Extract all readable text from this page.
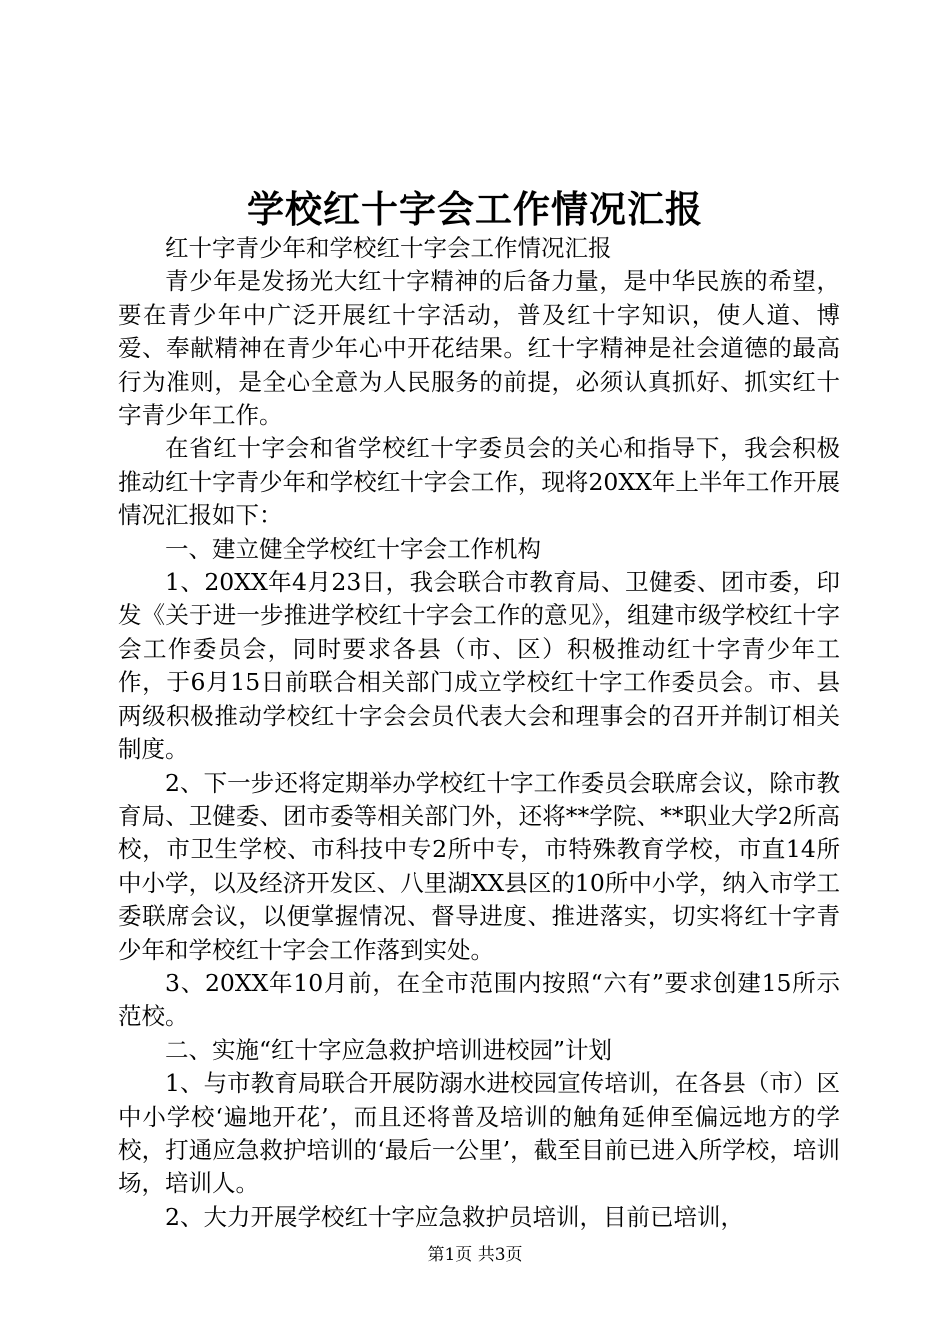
学校红十字会工作情况汇报

红十字青少年和学校红十字会工作情况汇报

青少年是发扬光大红十字精神的后备力量，是中华民族的希望，要在青少年中广泛开展红十字活动，普及红十字知识，使人道、博爱、奉献精神在青少年心中开花结果。红十字精神是社会道德的最高行为准则，是全心全意为人民服务的前提，必须认真抓好、抓实红十字青少年工作。

在省红十字会和省学校红十字委员会的关心和指导下，我会积极推动红十字青少年和学校红十字会工作，现将20XX年上半年工作开展情况汇报如下：

一、建立健全学校红十字会工作机构

1、20XX年4月23日，我会联合市教育局、卫健委、团市委，印发《关于进一步推进学校红十字会工作的意见》，组建市级学校红十字会工作委员会，同时要求各县（市、区）积极推动红十字青少年工作，于6月15日前联合相关部门成立学校红十字工作委员会。市、县两级积极推动学校红十字会会员代表大会和理事会的召开并制订相关制度。

2、下一步还将定期举办学校红十字工作委员会联席会议，除市教育局、卫健委、团市委等相关部门外，还将**学院、**职业大学2所高校，市卫生学校、市科技中专2所中专，市特殊教育学校，市直14所中小学，以及经济开发区、八里湖XX县区的10所中小学，纳入市学工委联席会议，以便掌握情况、督导进度、推进落实，切实将红十字青少年和学校红十字会工作落到实处。

3、20XX年10月前，在全市范围内按照“六有”要求创建15所示范校。

二、实施“红十字应急救护培训进校园”计划

1、与市教育局联合开展防溺水进校园宣传培训，在各县（市）区中小学校‘遍地开花’，而且还将普及培训的触角延伸至偏远地方的学校，打通应急救护培训的‘最后一公里’，截至目前已进入所学校，培训场，培训人。

2、大力开展学校红十字应急救护员培训，目前已培训，

第1页 共3页
